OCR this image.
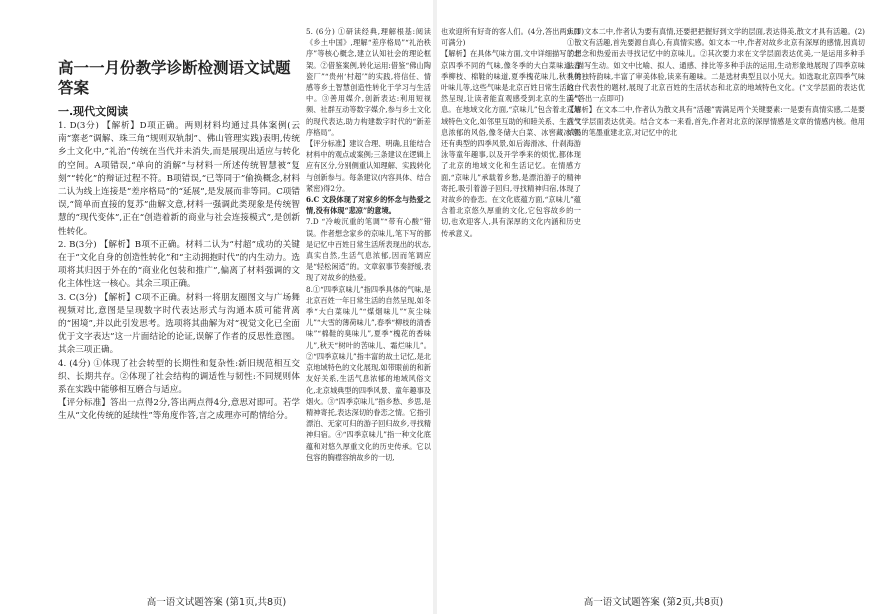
高一一月份教学诊断检测语文试题答案
一.现代文阅读

1. D(3分) 【解析】D项正确。两则材料均通过具体案例(云南“寨老”调解、珠三角“规则双轨制”、佛山管理实践)表明,传统乡土文化中,“礼治”传统在当代并未消失,而是展现出适应与转化的空间。A项错误,“单向的消解”与材料一所述传统智慧被“复刻”“转化”的辩证过程不符。B项错误,“已等同于”偷换概念,材料二认为线上连接是“差序格局”的“延展”,是发展而非等同。C项错误,“简单而直接的复苏”曲解文意,材料一强调此类现象是传统智慧的“现代变体”,正在“创造着新的商业与社会连接模式”,是创新性转化。

2. B(3分) 【解析】B项不正确。材料二认为“村超”成功的关键在于“文化自身的创造性转化”和“主动拥抱时代”的内生动力。选项将其归因于外在的“商业化包装和推广”,偏离了材料强调的文化主体性这一核心。其余三项正确。

3. C(3分) 【解析】C项不正确。材料一将朋友圈图文与广场舞视频对比,意图是呈现数字时代表达形式与沟通本质可能背离的“困境”,并以此引发思考。选项将其曲解为对“视觉文化已全面优于文字表达”这一片面结论的论证,误解了作者的反思性意图。其余三项正确。

4. (4分) ①体现了社会转型的长期性和复杂性:新旧规范相互交织、长期共存。②体现了社会结构的调适性与韧性:不同规则体系在实践中能够相互磨合与适应。

【评分标准】答出一点得2分,答出两点得4分,意思对即可。若学生从“文化传统的延续性”等角度作答,言之成理亦可酌情给分。

5. (6分) ①研读经典,理解根基:阅读《乡土中国》,理解“差序格局”“礼治秩序”等核心概念,建立认知社会的理论框架。②借鉴案例,转化运用:借鉴“佛山陶瓷厂”“贵州‘村超’”的实践,将信任、情感等乡土智慧创造性转化于学习与生活中。③善用媒介,创新表达:利用短视频、社群互动等数字媒介,参与乡土文化的现代表达,助力构建数字时代的“新差序格局”。

【评分标准】建议合理、明确,且能结合材料中的观点或案例;三条建议在逻辑上应有区分,分别侧重认知理解、实践转化与创新参与。每条建议(内容具体、结合紧密)得2分。

6.C 文段体现了对家乡的怀念与热爱之情,没有体现“悲凉”的意境。

7.D “冷峻沉重的笔调”“带有心酸”错误。作者想念家乡的京味儿,笔下写的都是记忆中百姓日常生活所表现出的状态,真实自然,生活气息浓郁,因而笔调应是“轻松闲适”的。文章叙事节奏舒缓,表现了对故乡的热爱。

8.①“四季京味儿”指四季具体的气味,是北京百姓一年日常生活的自然呈现,如冬季“大白菜味儿”“煤烟味儿”“灰尘味儿”“大雪的薄荷味儿”,春季“柳枝的清香味”“棉鞋的臭味儿”,夏季“槐花的香味儿”,秋天“树叶的苦味儿、霜烂味儿”。②“四季京味儿”指丰富的故土记忆,是北京地域特色的文化展现,如带眼前的和新友好关系,生活气息浓郁的地域风俗文化,北京城典型的四季风景、童年趣事及烟火。③“四季京味儿”指乡愁、乡思,是精神寄托,表达深切的眷恋之情。它指引漂泊、无家可归的游子回归故乡,寻找精神归宿。④“四季京味儿”指一种文化底蕴和对悠久厚重文化的历史传承。它以包容的胸襟容纳故乡的一切,

高一语文试题答案 (第1页,共8页)

也欢迎所有好奇的客人们。(4分,答出两点即可满分)

【解析】在具体气味方面,文中详细描写了北京四季不同的气味,像冬季的大白菜味道,春季柳枝、棉鞋的味道,夏季槐花味儿,秋季树叶味儿等,这些气味是北京百姓日常生活的自然呈现,让读者能直观感受到北京的生活气息。在地域文化方面,“京味儿”包含着北京地域特色文化,如邻里互助的和睦关系、生活气息浓郁的风俗,像冬储大白菜、冰窖藏冰等;还有典型的四季风景,如后海滑冰、什刹海游泳等童年趣事,以及开学季来的烦忧,都体现了北京的地域文化和生活记忆。在情感方面,“京味儿”承载着乡愁,是漂泊游子的精神寄托,吸引着游子回归,寻找精神归宿,体现了对故乡的眷恋。在文化底蕴方面,“京味儿”蕴含着北京悠久厚重的文化,它包容故乡的一切,也欢迎客人,具有深厚的文化内涵和历史传承意义。

9.(1)文本二中,作者认为要有真情,还要把把握好到文学的层面,表达得美,散文才具有活趣。(2)①散文有活趣,首先要源自真心,有真情实感。如文本一中,作者对故乡北京有深厚的感情,因真切的想念和热爱而去寻找记忆中的京味儿。②其次要力求在文学层面表达优美,一是运用多种手法,描写生动。如文中比喻、拟人、通感、排比等多种手法的运用,生动形象地展现了四季京味儿的独特韵味,丰富了审美体验,读来有趣味。二是选材典型且以小见大。如选取北京四季气味这一代表性的题材,展现了北京百姓的生活状态和北京的地域特色文化。(“文学层面的表达优美”答出一点即可)

【解析】在文本二中,作者认为散文具有“活趣”需满足两个关键要素:一是要有真情实感,二是要在文学层面表达优美。结合文本一来看,首先,作者对北京的深厚情感是文章的情感内核。他用浓墨的笔墨重建北京,对记忆中的北

高一语文试题答案 (第2页,共8页)
